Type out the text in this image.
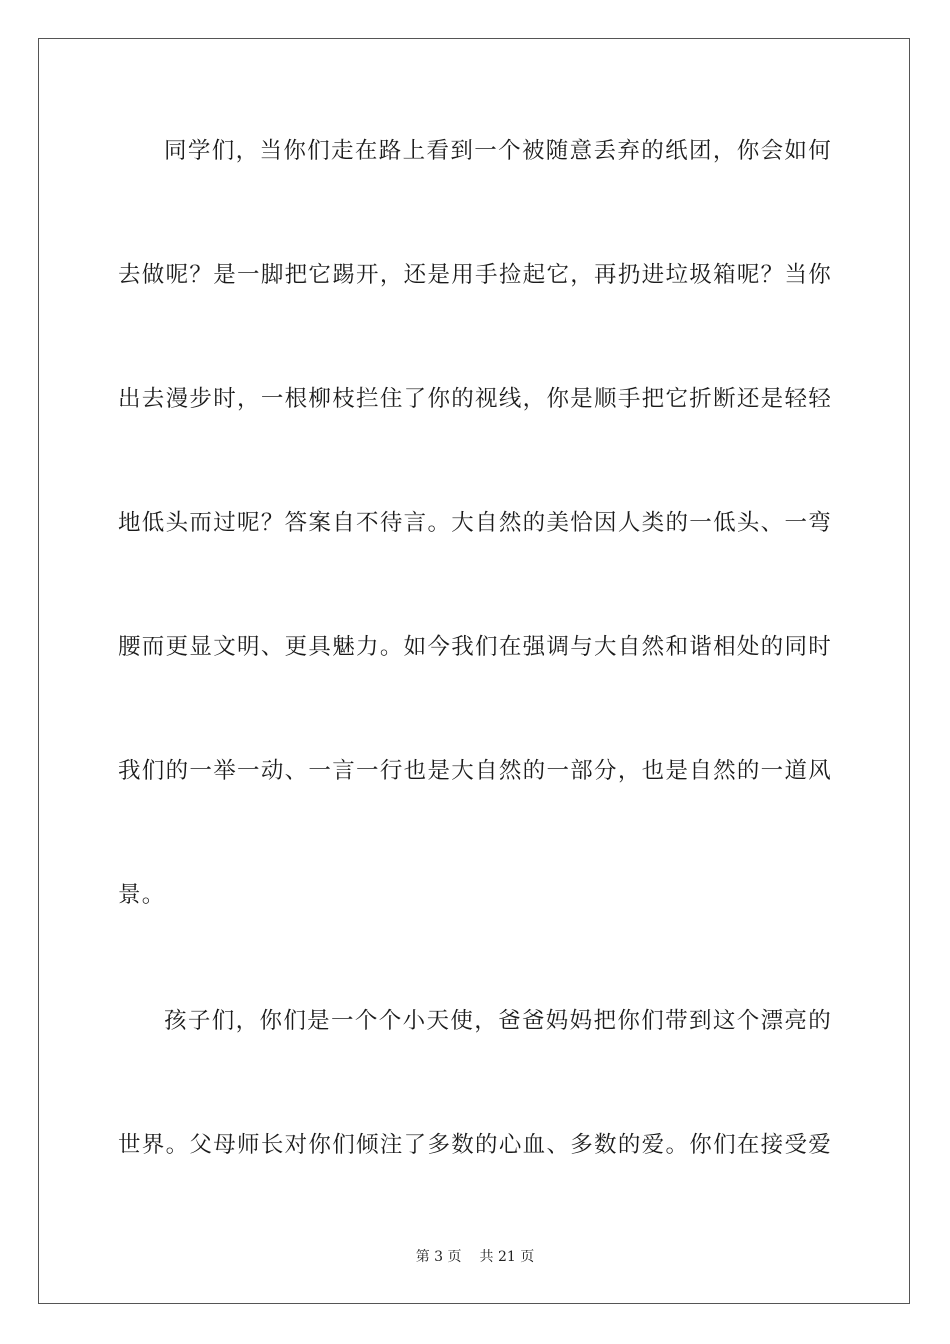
同学们，当你们走在路上看到一个被随意丢弃的纸团，你会如何
去做呢？是一脚把它踢开，还是用手捡起它，再扔进垃圾箱呢？当你
出去漫步时，一根柳枝拦住了你的视线，你是顺手把它折断还是轻轻
地低头而过呢？答案自不待言。大自然的美恰因人类的一低头、一弯
腰而更显文明、更具魅力。如今我们在强调与大自然和谐相处的同时
我们的一举一动、一言一行也是大自然的一部分，也是自然的一道风
景。
孩子们，你们是一个个小天使，爸爸妈妈把你们带到这个漂亮的
世界。父母师长对你们倾注了多数的心血、多数的爱。你们在接受爱
第 3 页 共 21 页
